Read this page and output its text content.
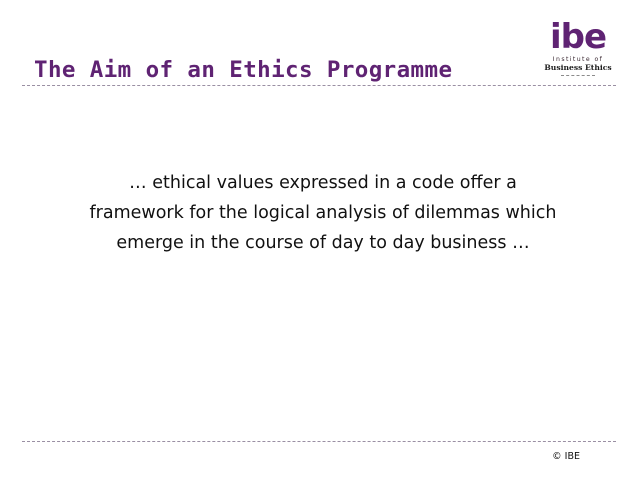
The Aim of an Ethics Programme
ibe
Institute of
Business Ethics

… ethical values expressed in a code offer a framework for the logical analysis of dilemmas which emerge in the course of day to day business …

© IBE
